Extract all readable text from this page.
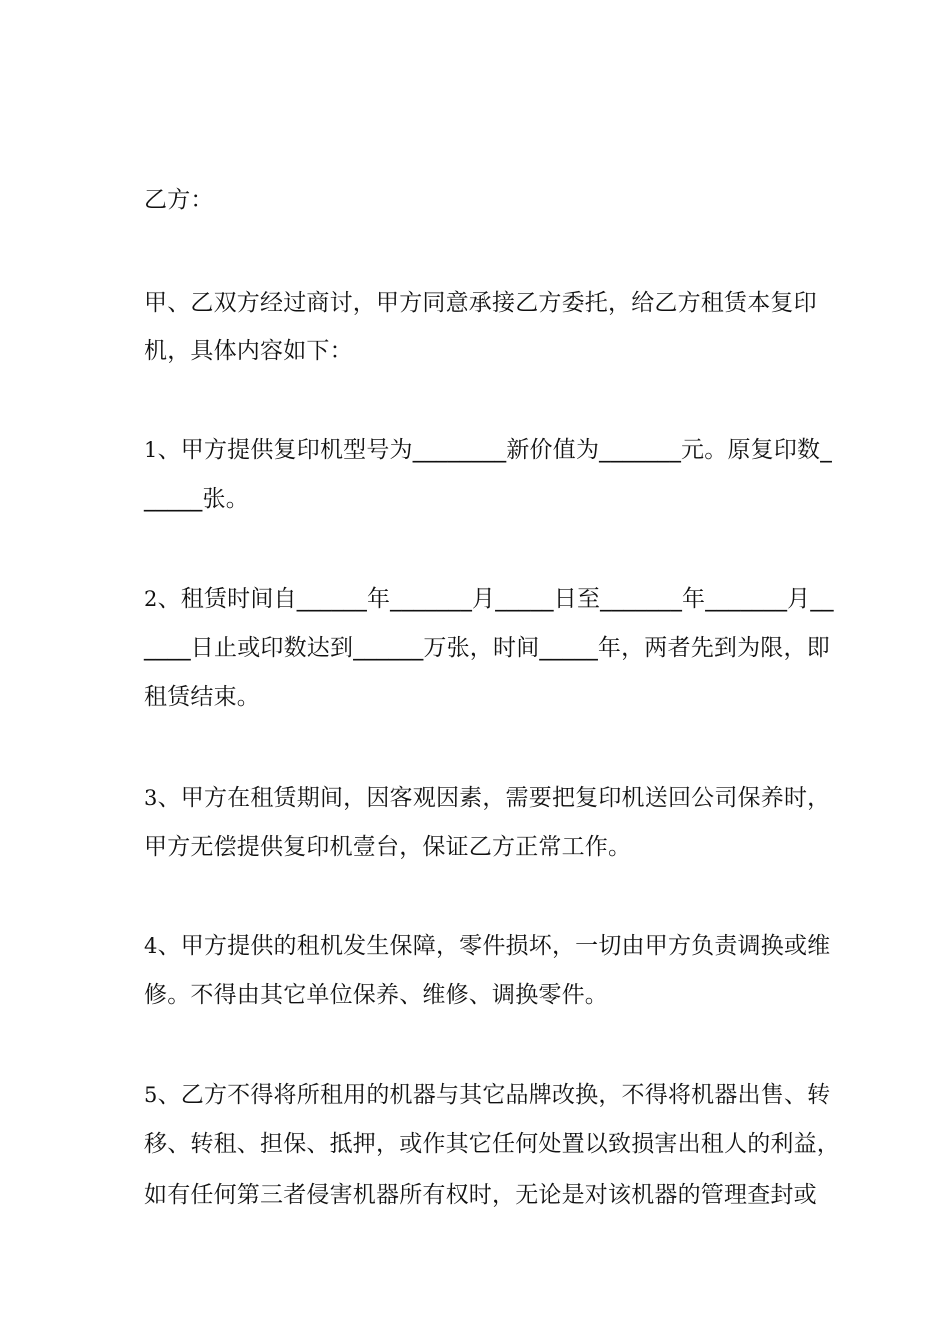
乙方：
甲、乙双方经过商讨，甲方同意承接乙方委托，给乙方租赁本复印
机，具体内容如下：
1、甲方提供复印机型号为________新价值为_______元。原复印数_
_____张。
2、租赁时间自______年_______月_____日至_______年_______月__
____日止或印数达到______万张，时间_____年，两者先到为限，即
租赁结束。
3、甲方在租赁期间，因客观因素，需要把复印机送回公司保养时，
甲方无偿提供复印机壹台，保证乙方正常工作。
4、甲方提供的租机发生保障，零件损坏，一切由甲方负责调换或维
修。不得由其它单位保养、维修、调换零件。
5、乙方不得将所租用的机器与其它品牌改换，不得将机器出售、转
移、转租、担保、抵押，或作其它任何处置以致损害出租人的利益，
如有任何第三者侵害机器所有权时，无论是对该机器的管理查封或
